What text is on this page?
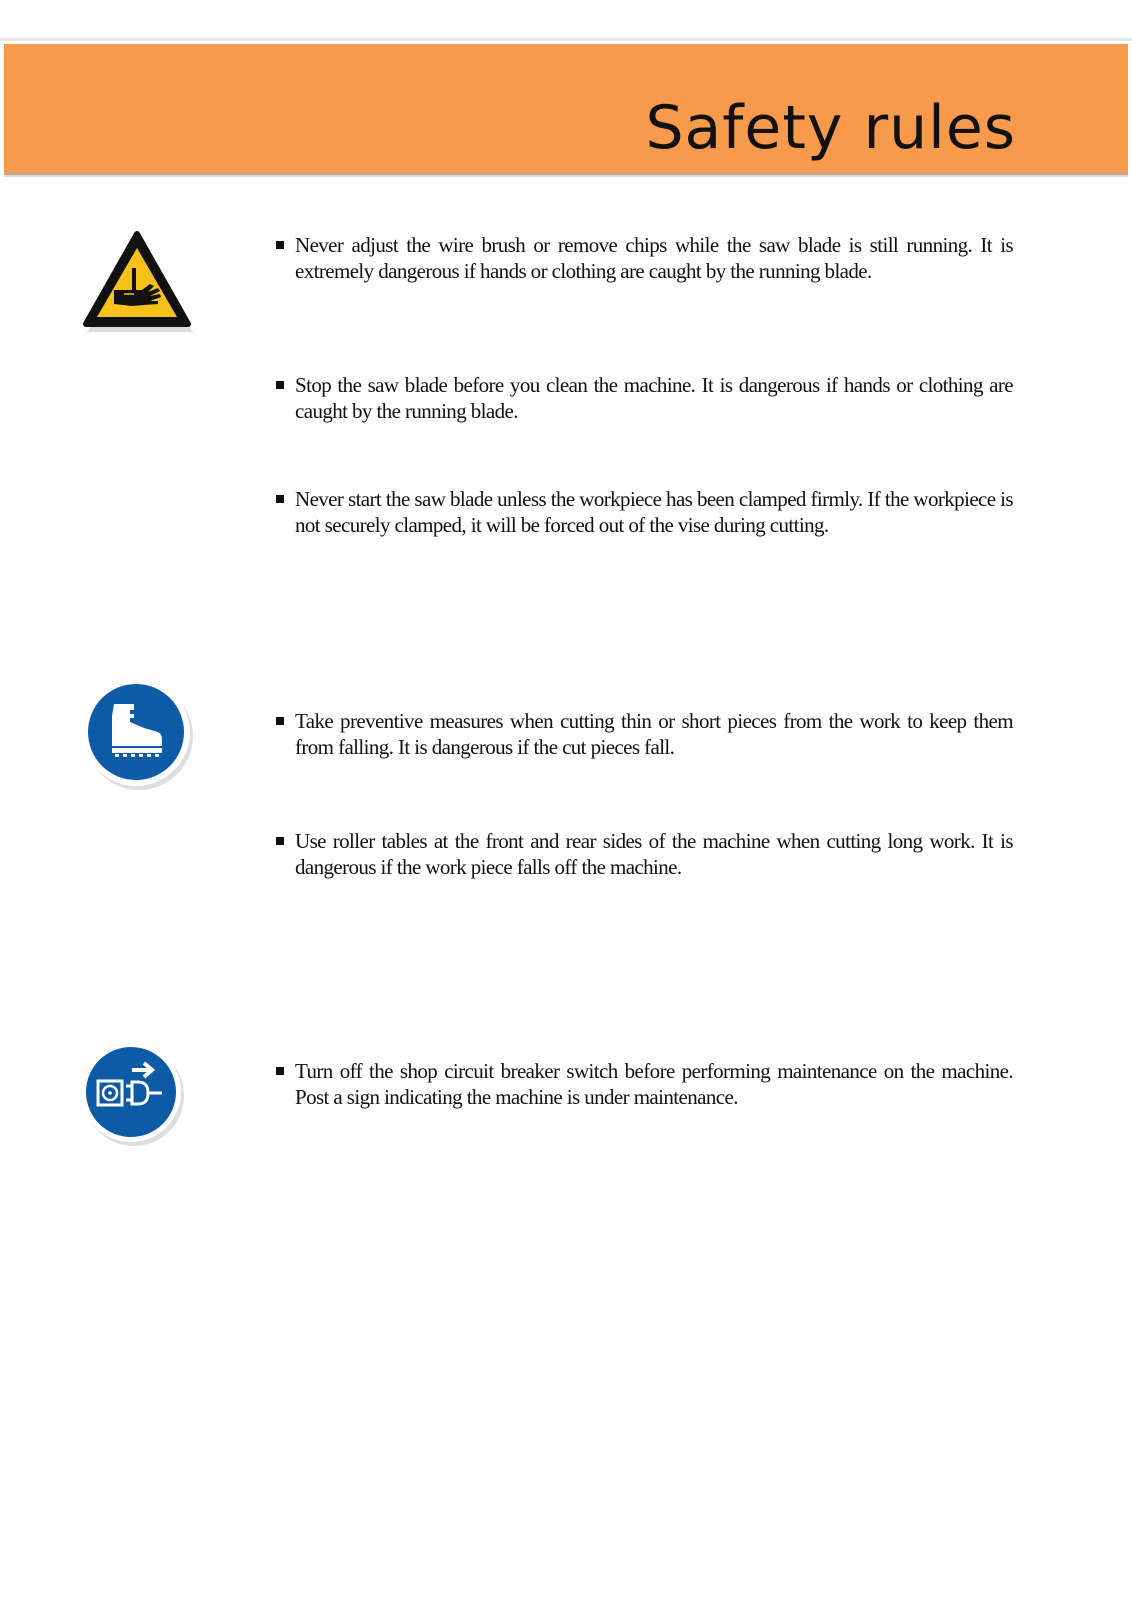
Safety rules

Never adjust the wire brush or remove chips while the saw blade is still running. It is extremely dangerous if hands or clothing are caught by the running blade.

Stop the saw blade before you clean the machine. It is dangerous if hands or clothing are caught by the running blade.

Never start the saw blade unless the workpiece has been clamped firmly. If the workpiece is not securely clamped, it will be forced out of the vise during cutting.

Take preventive measures when cutting thin or short pieces from the work to keep them from falling. It is dangerous if the cut pieces fall.

Use roller tables at the front and rear sides of the machine when cutting long work. It is dangerous if the work piece falls off the machine.

Turn off the shop circuit breaker switch before performing maintenance on the machine. Post a sign indicating the machine is under maintenance.
